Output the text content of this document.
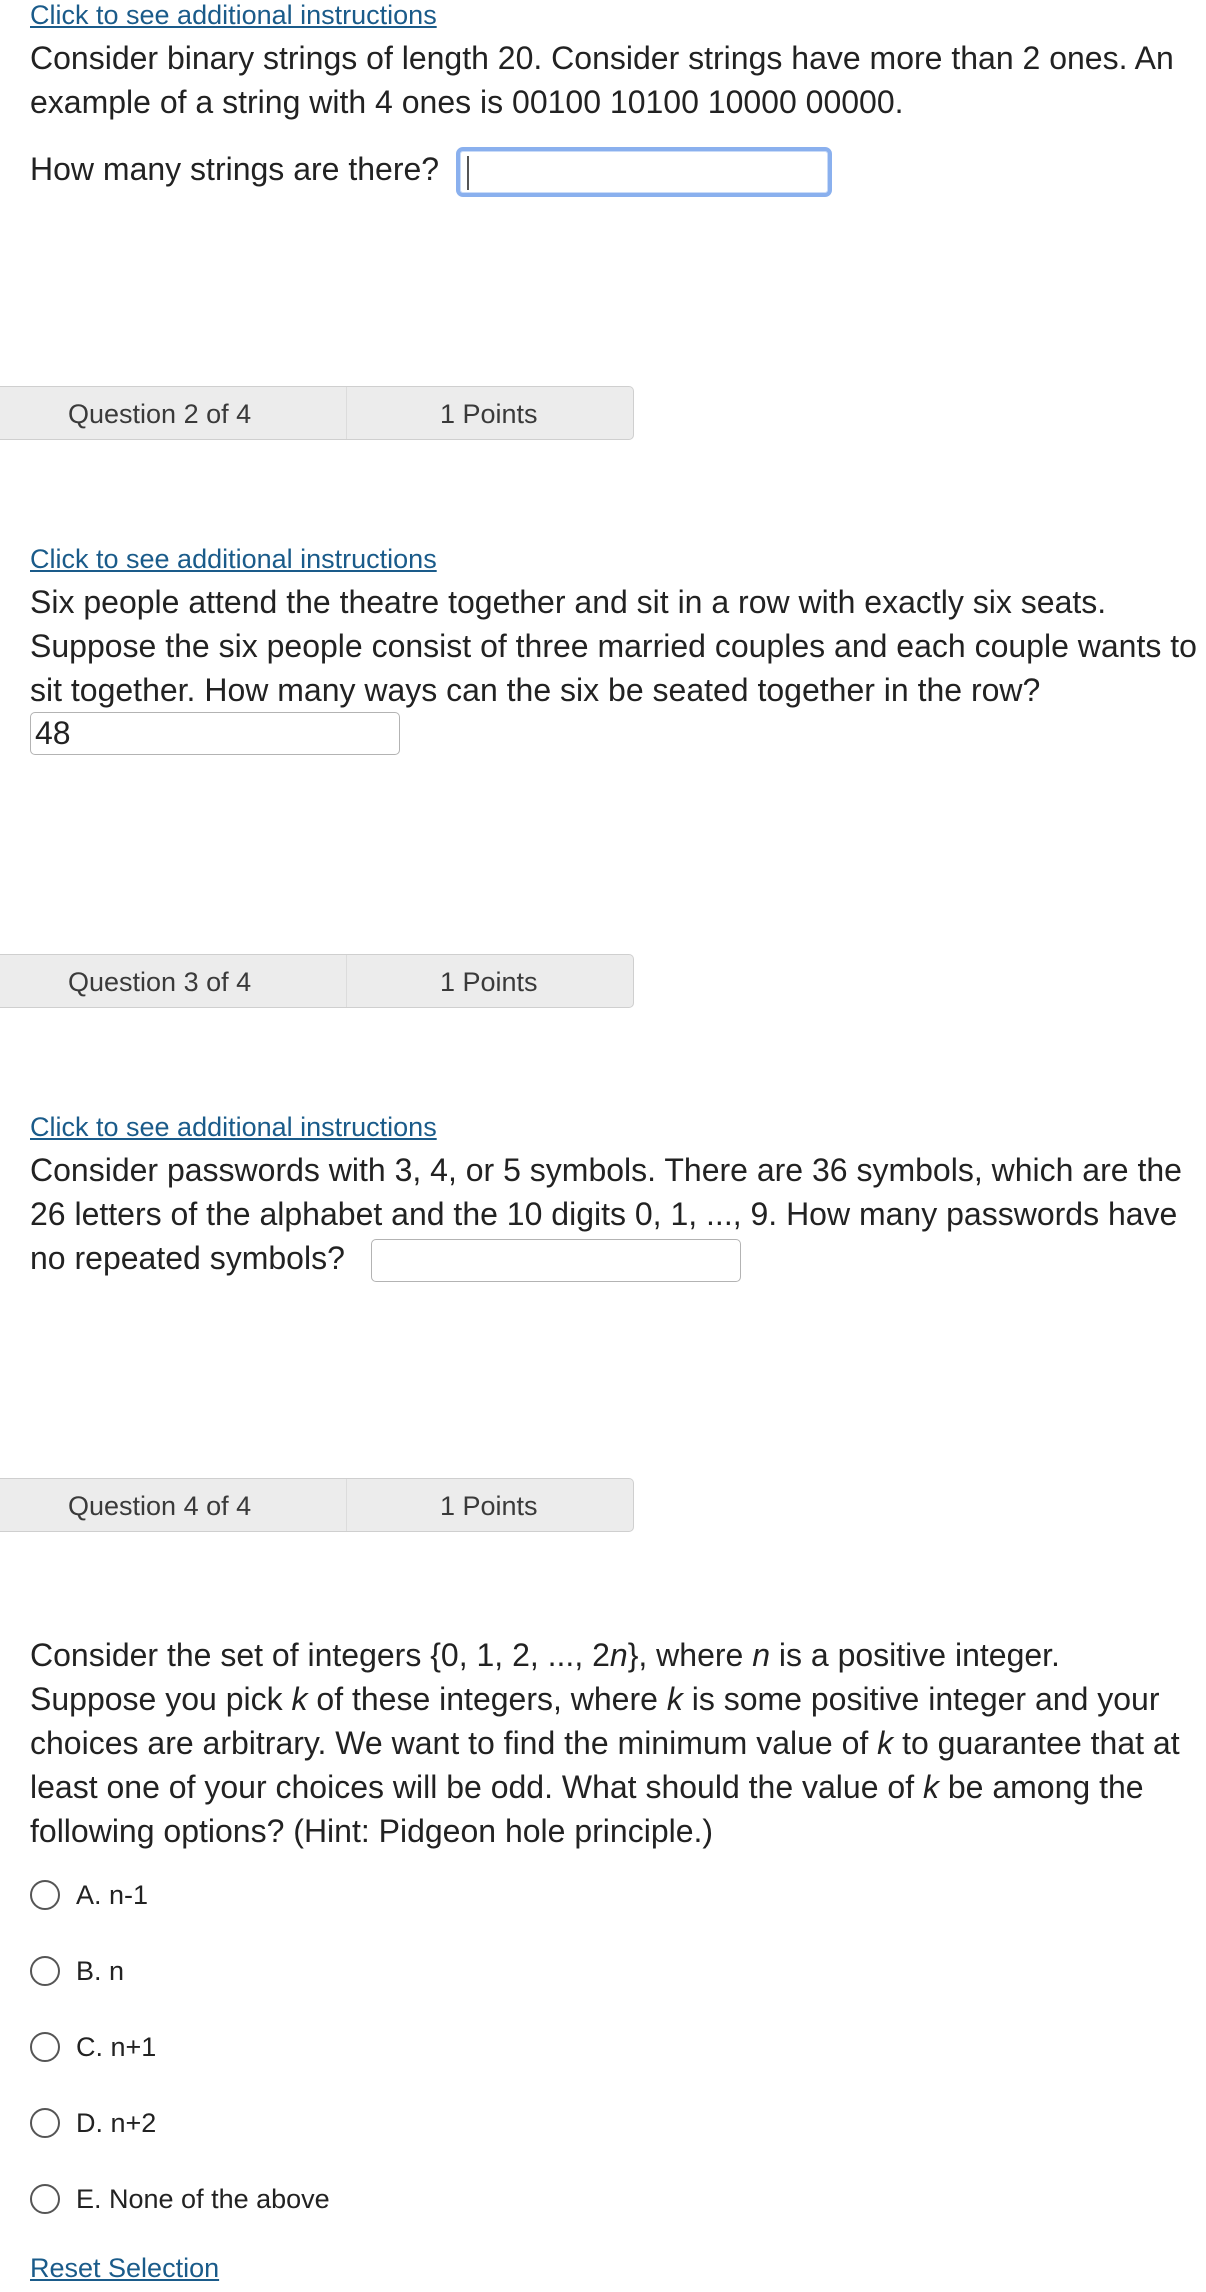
Click to see additional instructions
Consider binary strings of length 20. Consider strings have more than 2 ones. An
example of a string with 4 ones is 00100 10100 10000 00000.
How many strings are there?
Question 2 of 4	1 Points
Click to see additional instructions
Six people attend the theatre together and sit in a row with exactly six seats.
Suppose the six people consist of three married couples and each couple wants to
sit together. How many ways can the six be seated together in the row?
48
Question 3 of 4	1 Points
Click to see additional instructions
Consider passwords with 3, 4, or 5 symbols. There are 36 symbols, which are the
26 letters of the alphabet and the 10 digits 0, 1, ..., 9. How many passwords have
no repeated symbols?
Question 4 of 4	1 Points
Consider the set of integers {0, 1, 2, ..., 2n}, where n is a positive integer.
Suppose you pick k of these integers, where k is some positive integer and your
choices are arbitrary. We want to find the minimum value of k to guarantee that at
least one of your choices will be odd. What should the value of k be among the
following options? (Hint: Pidgeon hole principle.)
A. n-1
B. n
C. n+1
D. n+2
E. None of the above
Reset Selection
